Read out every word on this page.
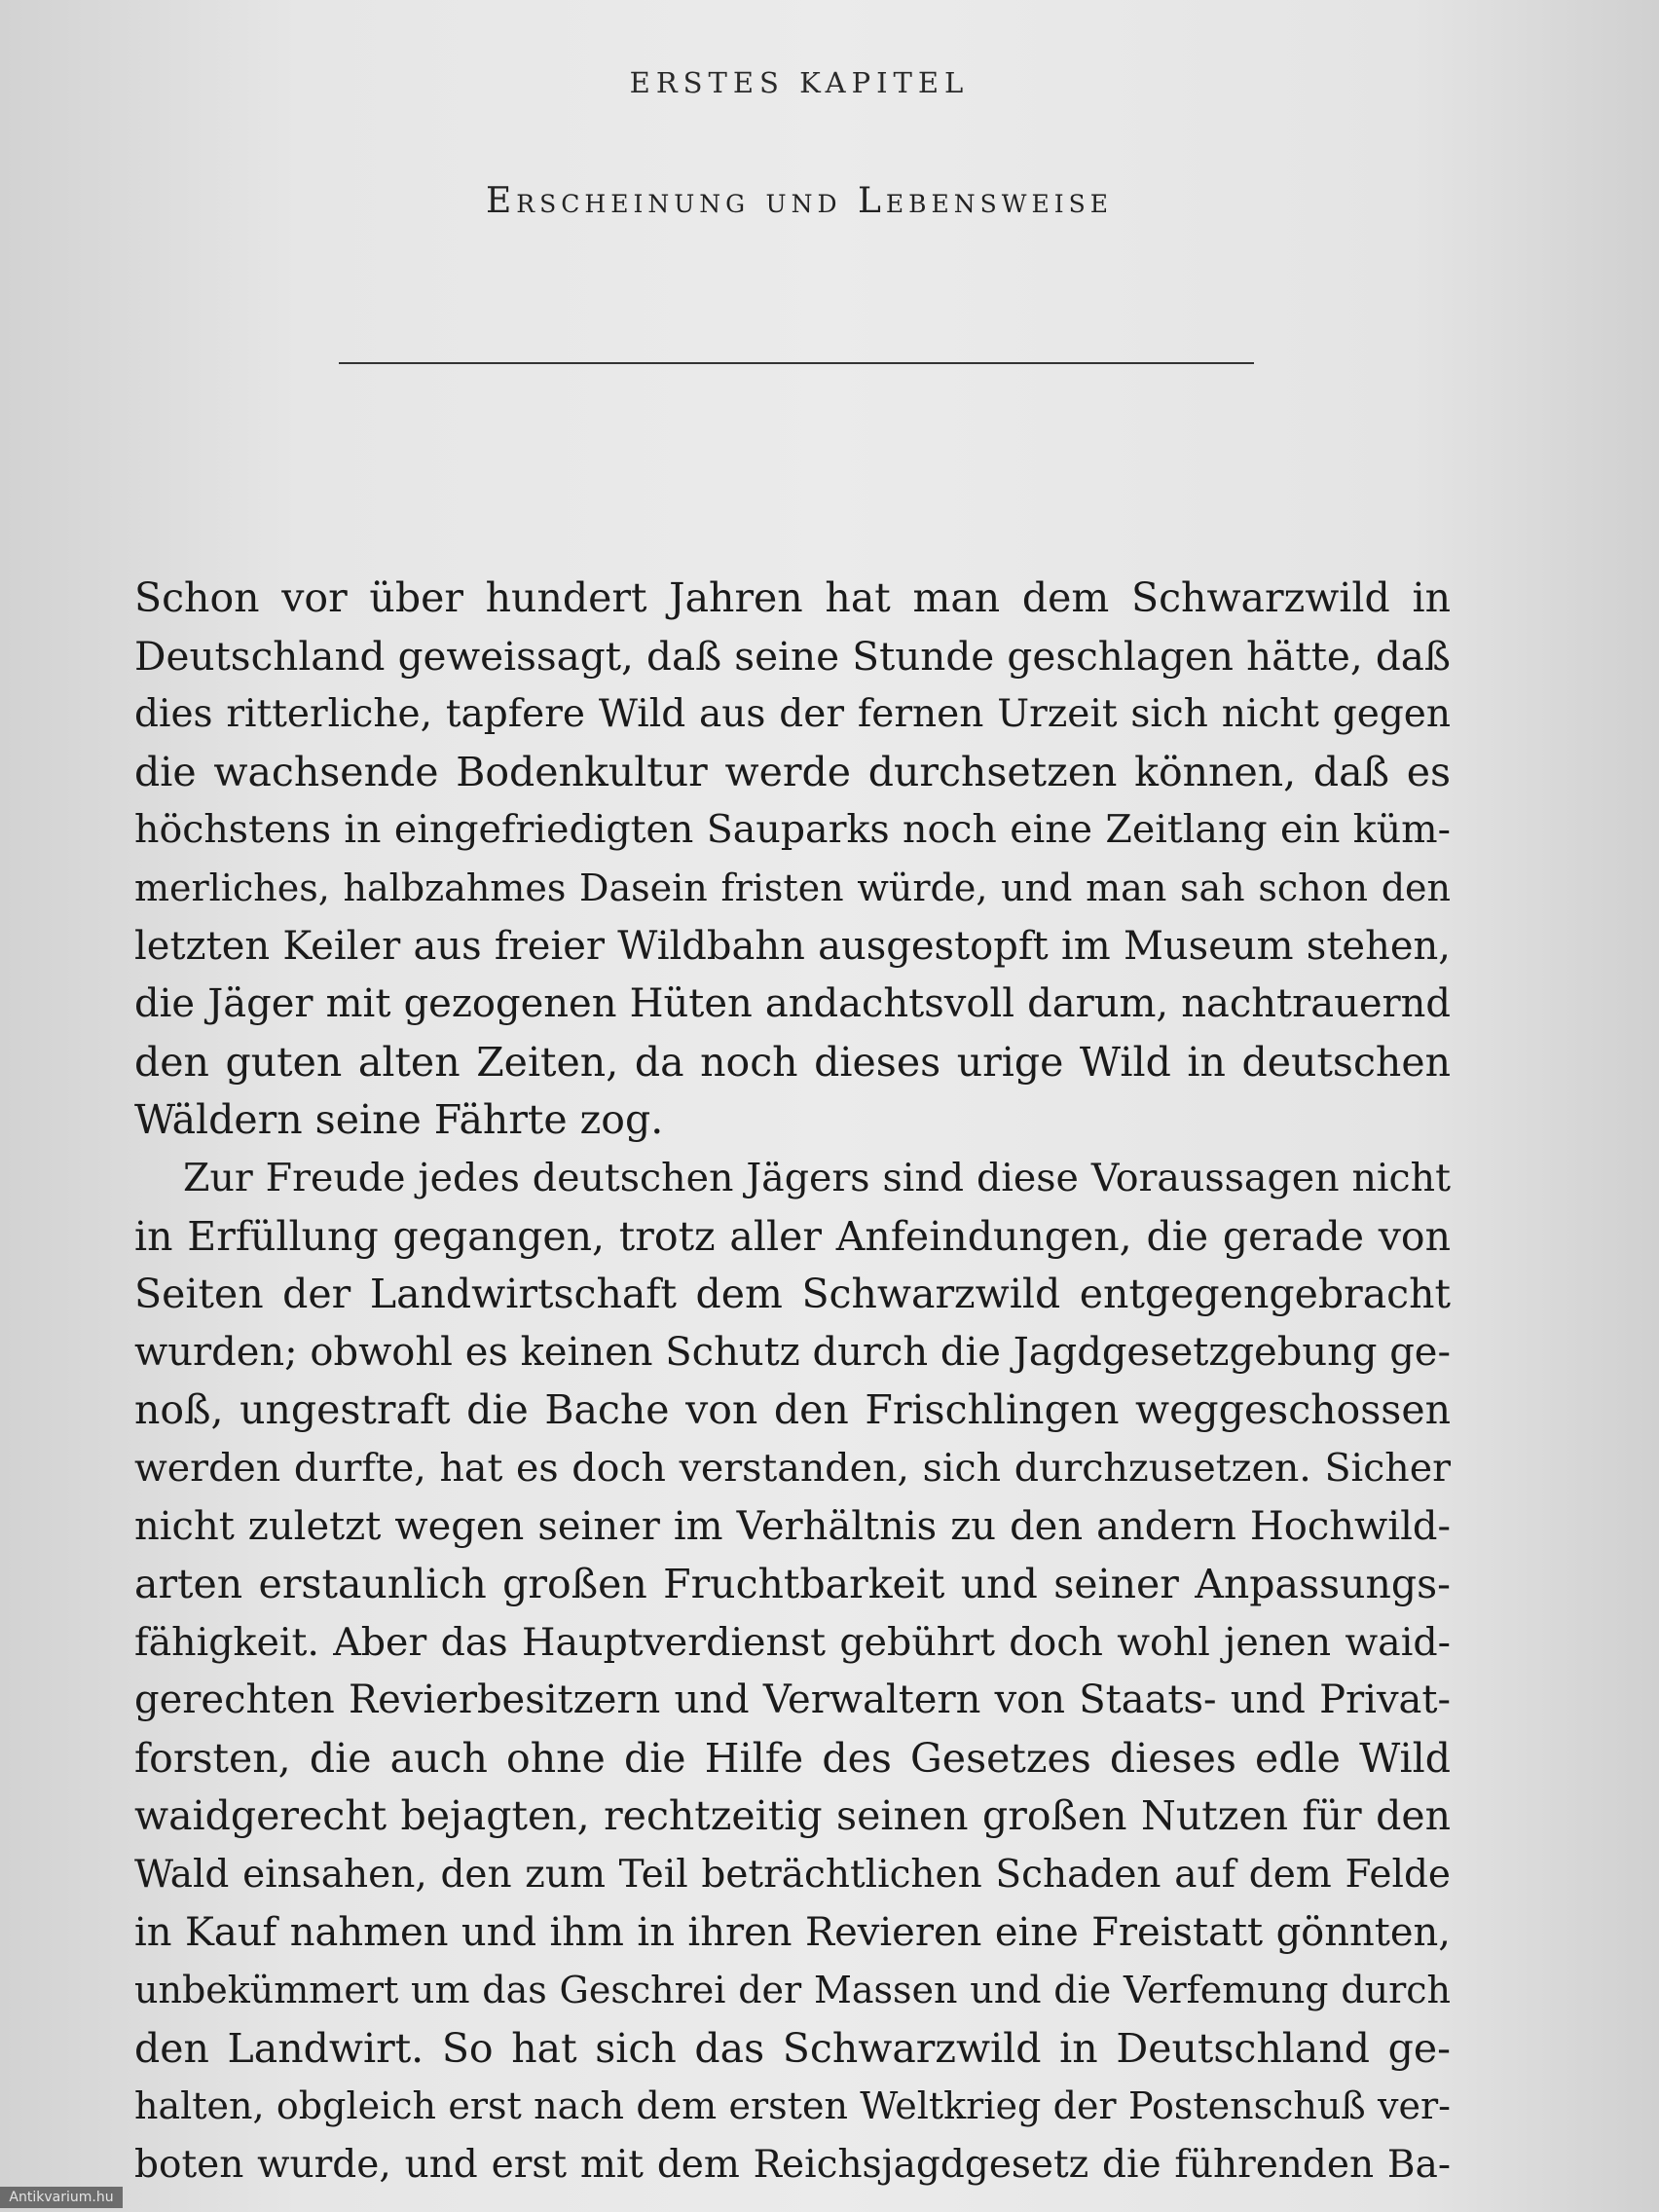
ERSTES KAPITEL
Erscheinung und Lebensweise
Schon vor über hundert Jahren hat man dem Schwarzwild in
Deutschland geweissagt, daß seine Stunde geschlagen hätte, daß
dies ritterliche, tapfere Wild aus der fernen Urzeit sich nicht gegen
die wachsende Bodenkultur werde durchsetzen können, daß es
höchstens in eingefriedigten Sauparks noch eine Zeitlang ein küm-
merliches, halbzahmes Dasein fristen würde, und man sah schon den
letzten Keiler aus freier Wildbahn ausgestopft im Museum stehen,
die Jäger mit gezogenen Hüten andachtsvoll darum, nachtrauernd
den guten alten Zeiten, da noch dieses urige Wild in deutschen
Wäldern seine Fährte zog.
Zur Freude jedes deutschen Jägers sind diese Voraussagen nicht
in Erfüllung gegangen, trotz aller Anfeindungen, die gerade von
Seiten der Landwirtschaft dem Schwarzwild entgegengebracht
wurden; obwohl es keinen Schutz durch die Jagdgesetzgebung ge-
noß, ungestraft die Bache von den Frischlingen weggeschossen
werden durfte, hat es doch verstanden, sich durchzusetzen. Sicher
nicht zuletzt wegen seiner im Verhältnis zu den andern Hochwild-
arten erstaunlich großen Fruchtbarkeit und seiner Anpassungs-
fähigkeit. Aber das Hauptverdienst gebührt doch wohl jenen waid-
gerechten Revierbesitzern und Verwaltern von Staats- und Privat-
forsten, die auch ohne die Hilfe des Gesetzes dieses edle Wild
waidgerecht bejagten, rechtzeitig seinen großen Nutzen für den
Wald einsahen, den zum Teil beträchtlichen Schaden auf dem Felde
in Kauf nahmen und ihm in ihren Revieren eine Freistatt gönnten,
unbekümmert um das Geschrei der Massen und die Verfemung durch
den Landwirt. So hat sich das Schwarzwild in Deutschland ge-
halten, obgleich erst nach dem ersten Weltkrieg der Postenschuß ver-
boten wurde, und erst mit dem Reichsjagdgesetz die führenden Ba-
Antikvarium.hu
